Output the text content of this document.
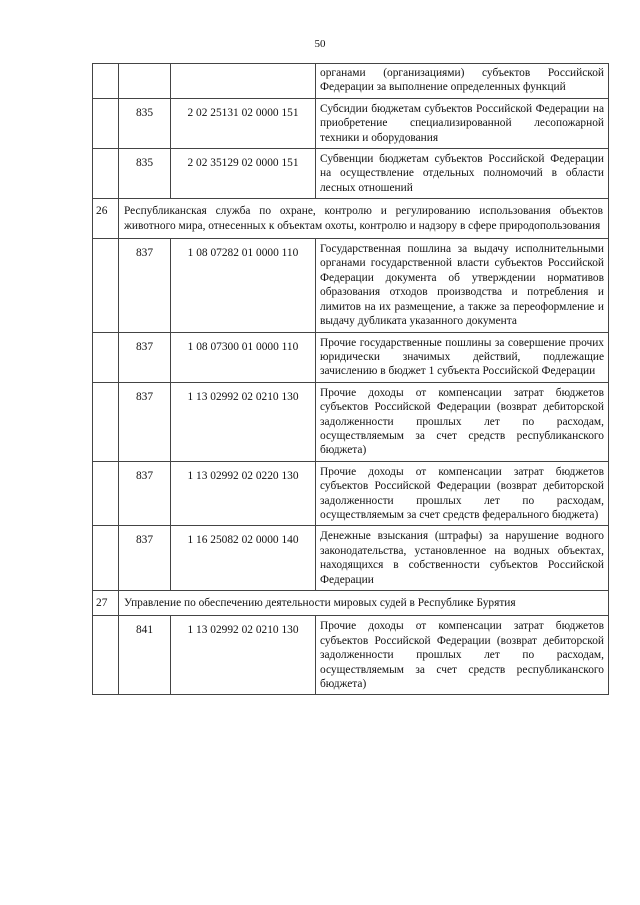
50
			органами (организациями) субъектов Российской Федерации за выполнение определенных функций
	835	2 02 25131 02 0000 151	Субсидии бюджетам субъектов Российской Федерации на приобретение специализированной лесопожарной техники и оборудования
	835	2 02 35129 02 0000 151	Субвенции бюджетам субъектов Российской Федерации на осуществление отдельных полномочий в области лесных отношений
26	Республиканская служба по охране, контролю и регулированию использования объектов животного мира, отнесенных к объектам охоты, контролю и надзору в сфере природопользования		
	837	1 08 07282 01 0000 110	Государственная пошлина за выдачу исполнительными органами государственной власти субъектов Российской Федерации документа об утверждении нормативов образования отходов производства и потребления и лимитов на их размещение, а также за переоформление и выдачу дубликата указанного документа
	837	1 08 07300 01 0000 110	Прочие государственные пошлины за совершение прочих юридически значимых действий, подлежащие зачислению в бюджет 1 субъекта Российской Федерации
	837	1 13 02992 02 0210 130	Прочие доходы от компенсации затрат бюджетов субъектов Российской Федерации (возврат дебиторской задолженности прошлых лет по расходам, осуществляемым за счет средств республиканского бюджета)
	837	1 13 02992 02 0220 130	Прочие доходы от компенсации затрат бюджетов субъектов Российской Федерации (возврат дебиторской задолженности прошлых лет по расходам, осуществляемым за счет средств федерального бюджета)
	837	1 16 25082 02 0000 140	Денежные взыскания (штрафы) за нарушение водного законодательства, установленное на водных объектах, находящихся в собственности субъектов Российской Федерации
27	Управление по обеспечению деятельности мировых судей в Республике Бурятия		
	841	1 13 02992 02 0210 130	Прочие доходы от компенсации затрат бюджетов субъектов Российской Федерации (возврат дебиторской задолженности прошлых лет по расходам, осуществляемым за счет средств республиканского бюджета)
